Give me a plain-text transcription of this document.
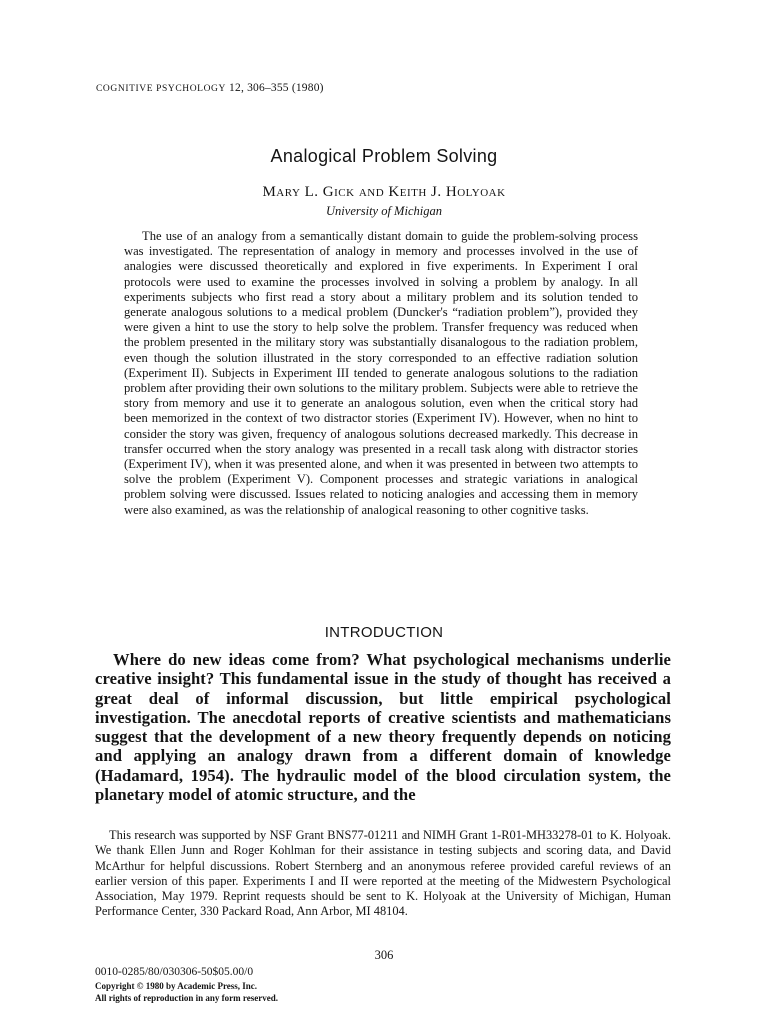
COGNITIVE PSYCHOLOGY 12, 306–355 (1980)
Analogical Problem Solving
Mary L. Gick and Keith J. Holyoak
University of Michigan
The use of an analogy from a semantically distant domain to guide the problem-solving process was investigated. The representation of analogy in memory and processes involved in the use of analogies were discussed theoretically and explored in five experiments. In Experiment I oral protocols were used to examine the processes involved in solving a problem by analogy. In all experiments subjects who first read a story about a military problem and its solution tended to generate analogous solutions to a medical problem (Duncker's “radiation problem”), provided they were given a hint to use the story to help solve the problem. Transfer frequency was reduced when the problem presented in the military story was substantially disanalogous to the radiation problem, even though the solution illustrated in the story corresponded to an effective radiation solution (Experiment II). Subjects in Experiment III tended to generate analogous solutions to the radiation problem after providing their own solutions to the military problem. Subjects were able to retrieve the story from memory and use it to generate an analogous solution, even when the critical story had been memorized in the context of two distractor stories (Experiment IV). However, when no hint to consider the story was given, frequency of analogous solutions decreased markedly. This decrease in transfer occurred when the story analogy was presented in a recall task along with distractor stories (Experiment IV), when it was presented alone, and when it was presented in between two attempts to solve the problem (Experiment V). Component processes and strategic variations in analogical problem solving were discussed. Issues related to noticing analogies and accessing them in memory were also examined, as was the relationship of analogical reasoning to other cognitive tasks.
INTRODUCTION
Where do new ideas come from? What psychological mechanisms underlie creative insight? This fundamental issue in the study of thought has received a great deal of informal discussion, but little empirical psychological investigation. The anecdotal reports of creative scientists and mathematicians suggest that the development of a new theory frequently depends on noticing and applying an analogy drawn from a different domain of knowledge (Hadamard, 1954). The hydraulic model of the blood circulation system, the planetary model of atomic structure, and the
This research was supported by NSF Grant BNS77-01211 and NIMH Grant 1-R01-MH33278-01 to K. Holyoak. We thank Ellen Junn and Roger Kohlman for their assistance in testing subjects and scoring data, and David McArthur for helpful discussions. Robert Sternberg and an anonymous referee provided careful reviews of an earlier version of this paper. Experiments I and II were reported at the meeting of the Midwestern Psychological Association, May 1979. Reprint requests should be sent to K. Holyoak at the University of Michigan, Human Performance Center, 330 Packard Road, Ann Arbor, MI 48104.
306
0010-0285/80/030306-50$05.00/0
Copyright © 1980 by Academic Press, Inc.
All rights of reproduction in any form reserved.
